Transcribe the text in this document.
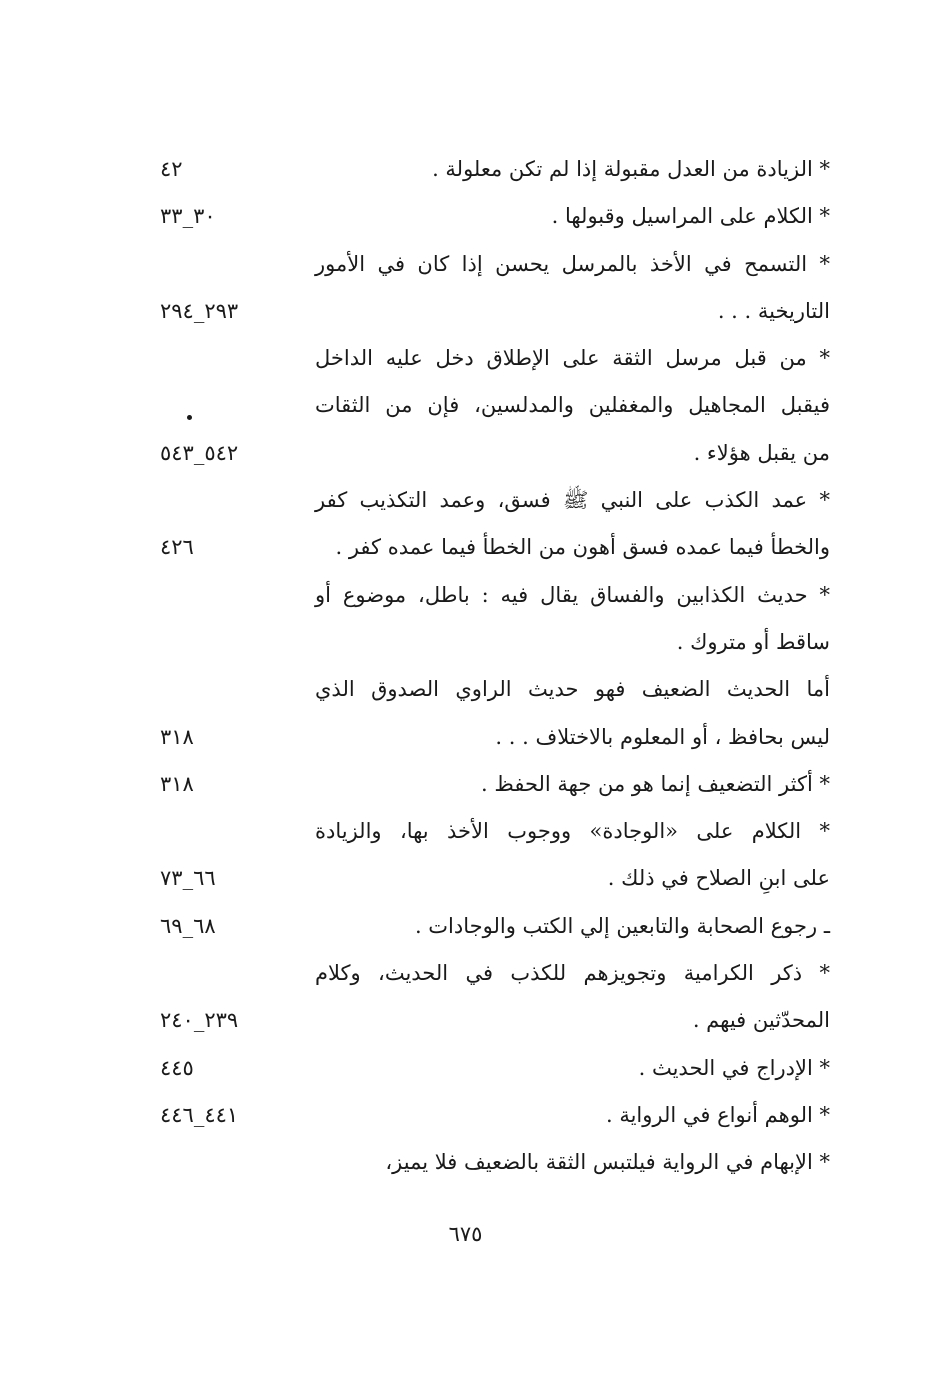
* الزيادة من العدل مقبولة إذا لم تكن معلولة .
٤٢
* الكلام على المراسيل وقبولها .
٣٠_٣٣
* التسمح في الأخذ بالمرسل يحسن إذا كان في الأمور
التاريخية . . .
٢٩٣_٢٩٤
* من قبل مرسل الثقة على الإطلاق دخل عليه الداخل
فيقبل المجاهيل والمغفلين والمدلسين، فإن من الثقات
من يقبل هؤلاء .
٥٤٢_٥٤٣
* عمد الكذب على النبي ﷺ فسق، وعمد التكذيب كفر
والخطأ فيما عمده فسق أهون من الخطأ فيما عمده كفر .
٤٢٦
* حديث الكذابين والفساق يقال فيه : باطل، موضوع أو
ساقط أو متروك .
أما الحديث الضعيف فهو حديث الراوي الصدوق الذي
ليس بحافظ ، أو المعلوم بالاختلاف . . .
٣١٨
* أكثر التضعيف إنما هو من جهة الحفظ .
٣١٨
* الكلام على «الوجادة» ووجوب الأخذ بها، والزيادة
على ابنِ الصلاح في ذلك .
٦٦_٧٣
ـ رجوع الصحابة والتابعين إلي الكتب والوجادات .
٦٨_٦٩
* ذكر الكرامية وتجويزهم للكذب في الحديث، وكلام
المحدّثين فيهم .
٢٣٩_٢٤٠
* الإدراج في الحديث .
٤٤٥
* الوهم أنواع في الرواية .
٤٤١_٤٤٦
* الإبهام في الرواية فيلتبس الثقة بالضعيف فلا يميز،
٦٧٥
